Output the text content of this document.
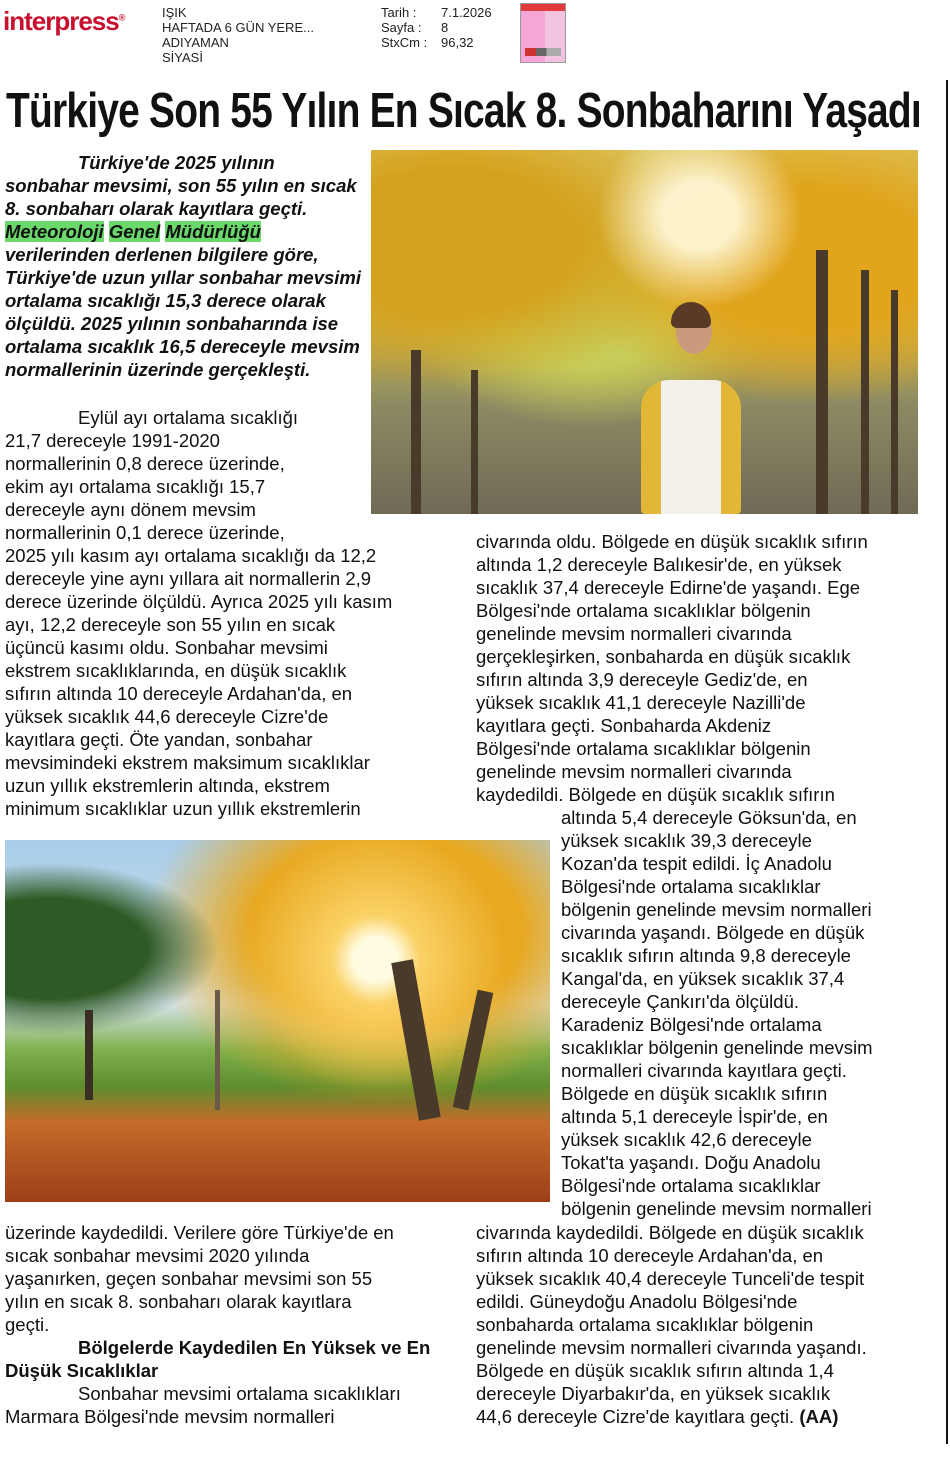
interpress®	IŞIK
HAFTADA 6 GÜN YERE...
ADIYAMAN
SİYASİ
Tarih :	7.1.2026
Sayfa :	8
StxCm :	96,32
Türkiye Son 55 Yılın En Sıcak 8. Sonbaharını Yaşadı

Türkiye'de 2025 yılının sonbahar mevsimi, son 55 yılın en sıcak 8. sonbaharı olarak kayıtlara geçti. Meteoroloji Genel Müdürlüğü verilerinden derlenen bilgilere göre, Türkiye'de uzun yıllar sonbahar mevsimi ortalama sıcaklığı 15,3 derece olarak ölçüldü. 2025 yılının sonbaharında ise ortalama sıcaklık 16,5 dereceyle mevsim normallerinin üzerinde gerçekleşti.

Eylül ayı ortalama sıcaklığı
21,7 dereceyle 1991-2020
normallerinin 0,8 derece üzerinde,
ekim ayı ortalama sıcaklığı 15,7
dereceyle aynı dönem mevsim
normallerinin 0,1 derece üzerinde,
2025 yılı kasım ayı ortalama sıcaklığı da 12,2
dereceyle yine aynı yıllara ait normallerin 2,9
derece üzerinde ölçüldü. Ayrıca 2025 yılı kasım
ayı, 12,2 dereceyle son 55 yılın en sıcak
üçüncü kasımı oldu. Sonbahar mevsimi
ekstrem sıcaklıklarında, en düşük sıcaklık
sıfırın altında 10 dereceyle Ardahan'da, en
yüksek sıcaklık 44,6 dereceyle Cizre'de
kayıtlara geçti. Öte yandan, sonbahar
mevsimindeki ekstrem maksimum sıcaklıklar
uzun yıllık ekstremlerin altında, ekstrem
minimum sıcaklıklar uzun yıllık ekstremlerin
üzerinde kaydedildi. Verilere göre Türkiye'de en
sıcak sonbahar mevsimi 2020 yılında
yaşanırken, geçen sonbahar mevsimi son 55
yılın en sıcak 8. sonbaharı olarak kayıtlara
geçti.

Bölgelerde Kaydedilen En Yüksek ve En Düşük Sıcaklıklar

Sonbahar mevsimi ortalama sıcaklıkları
Marmara Bölgesi'nde mevsim normalleri
civarında oldu. Bölgede en düşük sıcaklık sıfırın
altında 1,2 dereceyle Balıkesir'de, en yüksek
sıcaklık 37,4 dereceyle Edirne'de yaşandı. Ege
Bölgesi'nde ortalama sıcaklıklar bölgenin
genelinde mevsim normalleri civarında
gerçekleşirken, sonbaharda en düşük sıcaklık
sıfırın altında 3,9 dereceyle Gediz'de, en
yüksek sıcaklık 41,1 dereceyle Nazilli'de
kayıtlara geçti. Sonbaharda Akdeniz
Bölgesi'nde ortalama sıcaklıklar bölgenin
genelinde mevsim normalleri civarında
kaydedildi. Bölgede en düşük sıcaklık sıfırın
altında 5,4 dereceyle Göksun'da, en
yüksek sıcaklık 39,3 dereceyle
Kozan'da tespit edildi. İç Anadolu
Bölgesi'nde ortalama sıcaklıklar
bölgenin genelinde mevsim normalleri
civarında yaşandı. Bölgede en düşük
sıcaklık sıfırın altında 9,8 dereceyle
Kangal'da, en yüksek sıcaklık 37,4
dereceyle Çankırı'da ölçüldü.
Karadeniz Bölgesi'nde ortalama
sıcaklıklar bölgenin genelinde mevsim
normalleri civarında kayıtlara geçti.
Bölgede en düşük sıcaklık sıfırın
altında 5,1 dereceyle İspir'de, en
yüksek sıcaklık 42,6 dereceyle
Tokat'ta yaşandı. Doğu Anadolu
Bölgesi'nde ortalama sıcaklıklar
bölgenin genelinde mevsim normalleri
civarında kaydedildi. Bölgede en düşük sıcaklık
sıfırın altında 10 dereceyle Ardahan'da, en
yüksek sıcaklık 40,4 dereceyle Tunceli'de tespit
edildi. Güneydoğu Anadolu Bölgesi'nde
sonbaharda ortalama sıcaklıklar bölgenin
genelinde mevsim normalleri civarında yaşandı.
Bölgede en düşük sıcaklık sıfırın altında 1,4
dereceyle Diyarbakır'da, en yüksek sıcaklık
44,6 dereceyle Cizre'de kayıtlara geçti. (AA)
